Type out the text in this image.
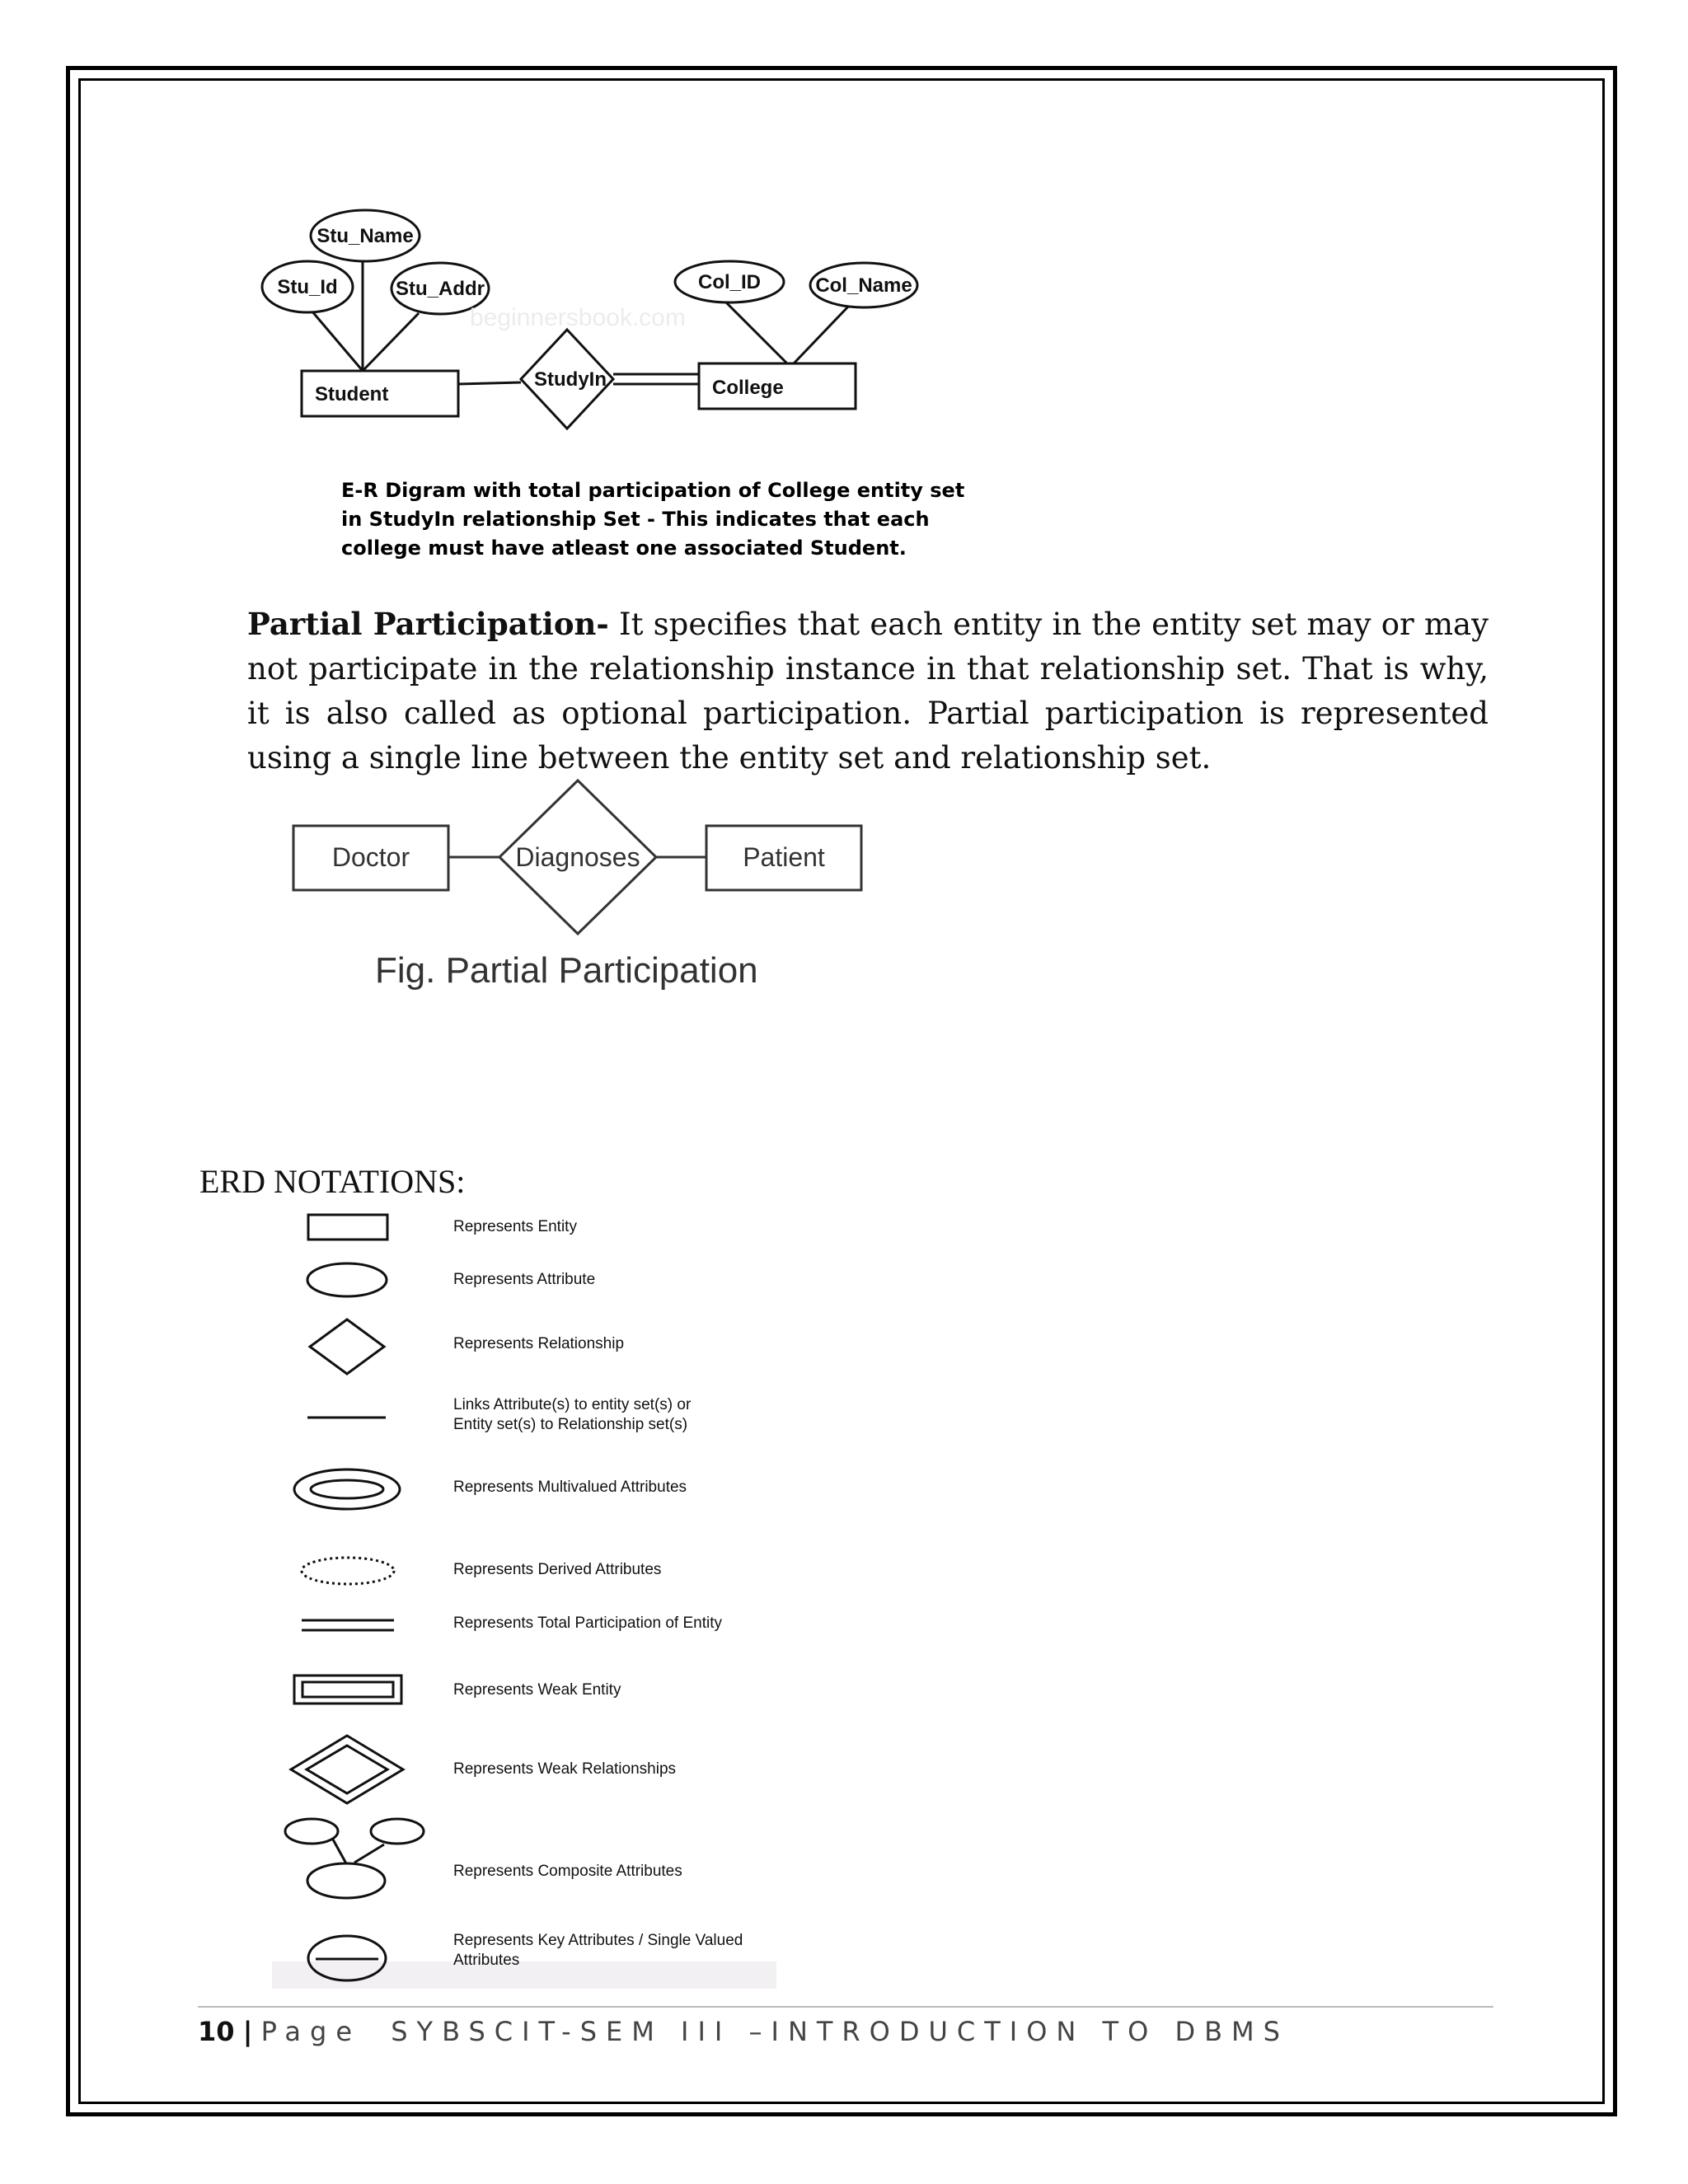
beginnersbook.com
Stu_Name
Stu_Id	Stu_Addr	Col_ID	Col_Name
Student	College
StudyIn
E-R Digram with total participation of College entity set
in StudyIn relationship Set - This indicates that each
college must have atleast one associated Student.

Partial Participation- It specifies that each entity in the entity set may or may not participate in the relationship instance in that relationship set. That is why, it is also called as optional participation. Partial participation is represented using a single line between the entity set and relationship set.

Doctor	Diagnoses	Patient
Fig. Partial Participation
ERD NOTATIONS:
Represents Entity
Represents Attribute
Represents Relationship
Links Attribute(s) to entity set(s) or
Entity set(s) to Relationship set(s)
Represents Multivalued Attributes
Represents Derived Attributes
Represents Total Participation of Entity
Represents Weak Entity
Represents Weak Relationships
Represents Composite Attributes
Represents Key Attributes / Single Valued
Attributes
10 | Page SYBSCIT-SEM III –INTRODUCTION TO DBMS
